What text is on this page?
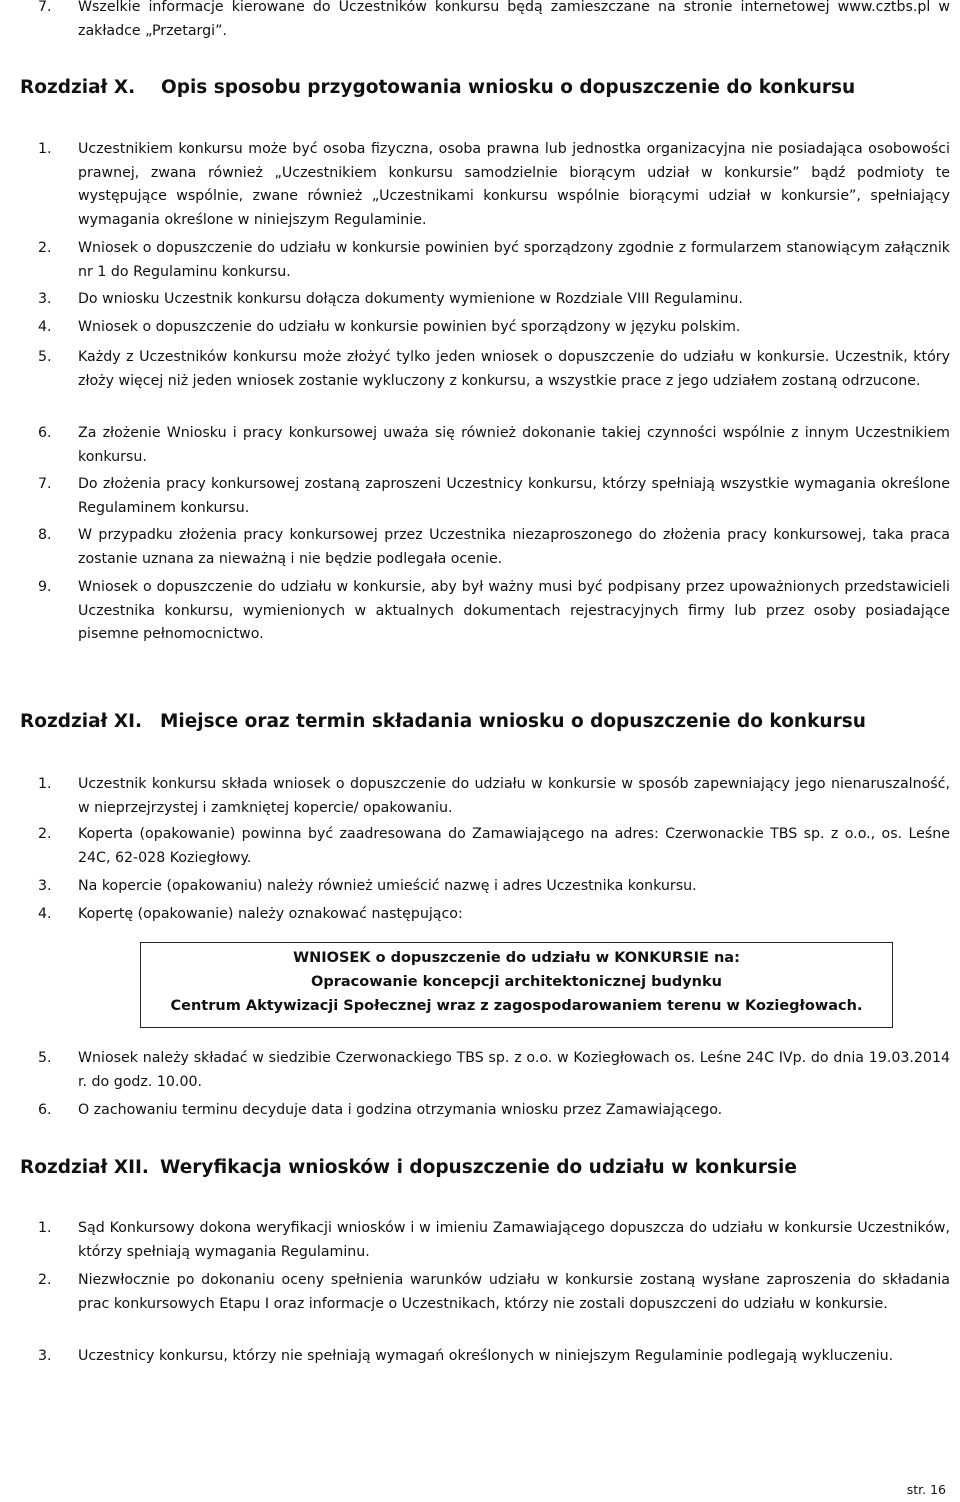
7. Wszelkie informacje kierowane do Uczestników konkursu będą zamieszczane na stronie internetowej www.cztbs.pl w zakładce „Przetargi”.
Rozdział X. Opis sposobu przygotowania wniosku o dopuszczenie do konkursu
1. Uczestnikiem konkursu może być osoba fizyczna, osoba prawna lub jednostka organizacyjna nie posiadająca osobowości prawnej, zwana również „Uczestnikiem konkursu samodzielnie biorącym udział w konkursie” bądź podmioty te występujące wspólnie, zwane również „Uczestnikami konkursu wspólnie biorącymi udział w konkursie”, spełniający wymagania określone w niniejszym Regulaminie.
2. Wniosek o dopuszczenie do udziału w konkursie powinien być sporządzony zgodnie z formularzem stanowiącym załącznik nr 1 do Regulaminu konkursu.
3. Do wniosku Uczestnik konkursu dołącza dokumenty wymienione w Rozdziale VIII Regulaminu.
4. Wniosek o dopuszczenie do udziału w konkursie powinien być sporządzony w języku polskim.
5. Każdy z Uczestników konkursu może złożyć tylko jeden wniosek o dopuszczenie do udziału w konkursie. Uczestnik, który złoży więcej niż jeden wniosek zostanie wykluczony z konkursu, a wszystkie prace z jego udziałem zostaną odrzucone.
6. Za złożenie Wniosku i pracy konkursowej uważa się również dokonanie takiej czynności wspólnie z innym Uczestnikiem konkursu.
7. Do złożenia pracy konkursowej zostaną zaproszeni Uczestnicy konkursu, którzy spełniają wszystkie wymagania określone Regulaminem konkursu.
8. W przypadku złożenia pracy konkursowej przez Uczestnika niezaproszonego do złożenia pracy konkursowej, taka praca zostanie uznana za nieważną i nie będzie podlegała ocenie.
9. Wniosek o dopuszczenie do udziału w konkursie, aby był ważny musi być podpisany przez upoważnionych przedstawicieli Uczestnika konkursu, wymienionych w aktualnych dokumentach rejestracyjnych firmy lub przez osoby posiadające pisemne pełnomocnictwo.
Rozdział XI. Miejsce oraz termin składania wniosku o dopuszczenie do konkursu
1. Uczestnik konkursu składa wniosek o dopuszczenie do udziału w konkursie w sposób zapewniający jego nienaruszalność, w nieprzejrzystej i zamkniętej kopercie/ opakowaniu.
2. Koperta (opakowanie) powinna być zaadresowana do Zamawiającego na adres: Czerwonackie TBS sp. z o.o., os. Leśne 24C, 62-028 Koziegłowy.
3. Na kopercie (opakowaniu) należy również umieścić nazwę i adres Uczestnika konkursu.
4. Kopertę (opakowanie) należy oznakować następująco:
WNIOSEK o dopuszczenie do udziału w KONKURSIE na:
Opracowanie koncepcji architektonicznej budynku
Centrum Aktywizacji Społecznej wraz z zagospodarowaniem terenu w Koziegłowach.
5. Wniosek należy składać w siedzibie Czerwonackiego TBS sp. z o.o. w Koziegłowach os. Leśne 24C IVp. do dnia 19.03.2014 r. do godz. 10.00.
6. O zachowaniu terminu decyduje data i godzina otrzymania wniosku przez Zamawiającego.
Rozdział XII. Weryfikacja wniosków i dopuszczenie do udziału w konkursie
1. Sąd Konkursowy dokona weryfikacji wniosków i w imieniu Zamawiającego dopuszcza do udziału w konkursie Uczestników, którzy spełniają wymagania Regulaminu.
2. Niezwłocznie po dokonaniu oceny spełnienia warunków udziału w konkursie zostaną wysłane zaproszenia do składania prac konkursowych Etapu I oraz informacje o Uczestnikach, którzy nie zostali dopuszczeni do udziału w konkursie.
3. Uczestnicy konkursu, którzy nie spełniają wymagań określonych w niniejszym Regulaminie podlegają wykluczeniu.
str. 16
